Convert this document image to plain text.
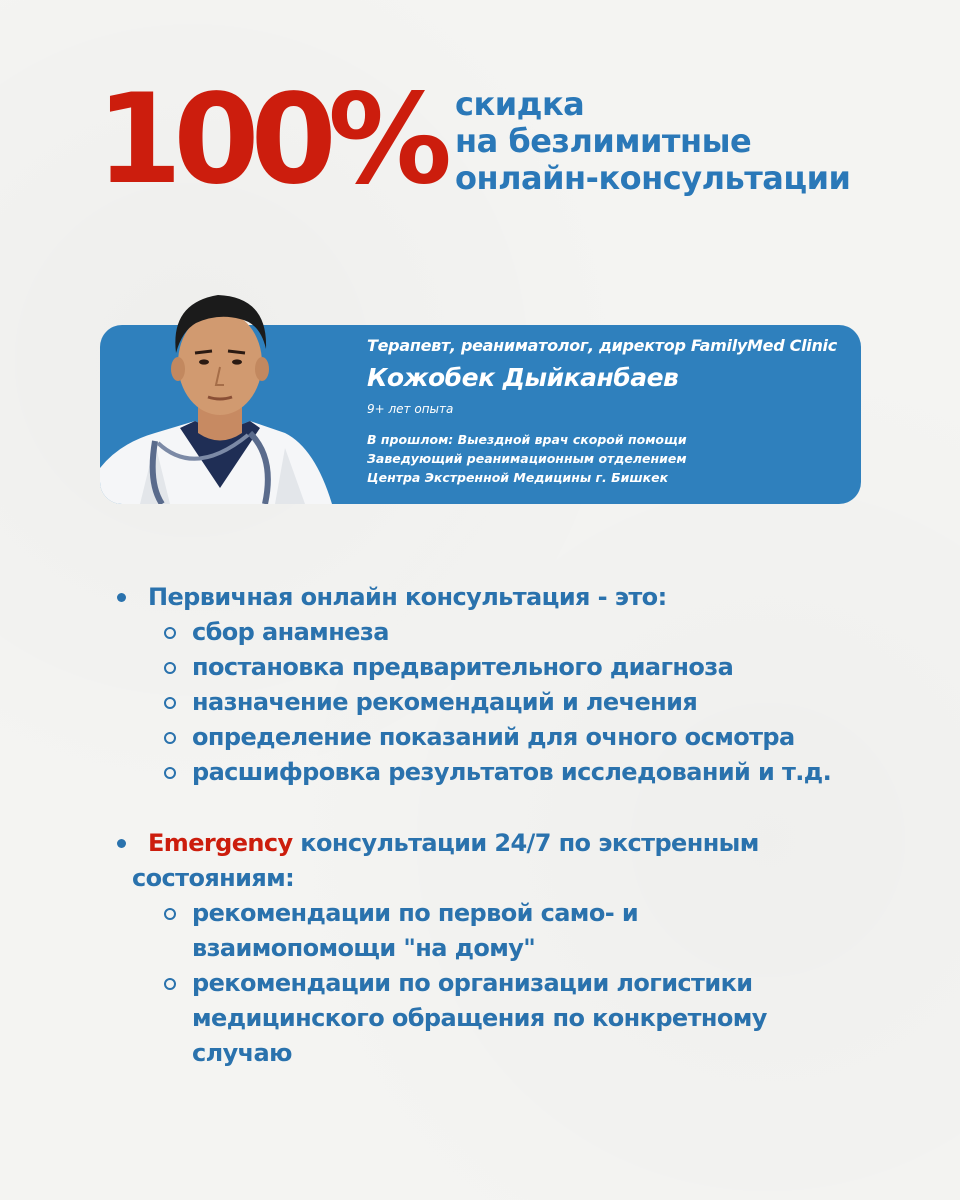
100% скидка
на безлимитные
онлайн-консультации
Терапевт, реаниматолог, директор FamilyMed Clinic
Кожобек Дыйканбаев
9+ лет опыта
В прошлом: Выездной врач скорой помощи
Заведующий реанимационным отделением
Центра Экстренной Медицины г. Бишкек
Первичная онлайн консультация - это:
сбор анамнеза
постановка предварительного диагноза
назначение рекомендаций и лечения
определение показаний для очного осмотра
расшифровка результатов исследований и т.д.
Emergency консультации 24/7 по экстренным
состояниям:
рекомендации по первой само- и
взаимопомощи "на дому"
рекомендации по организации логистики
медицинского обращения по конкретному
случаю
